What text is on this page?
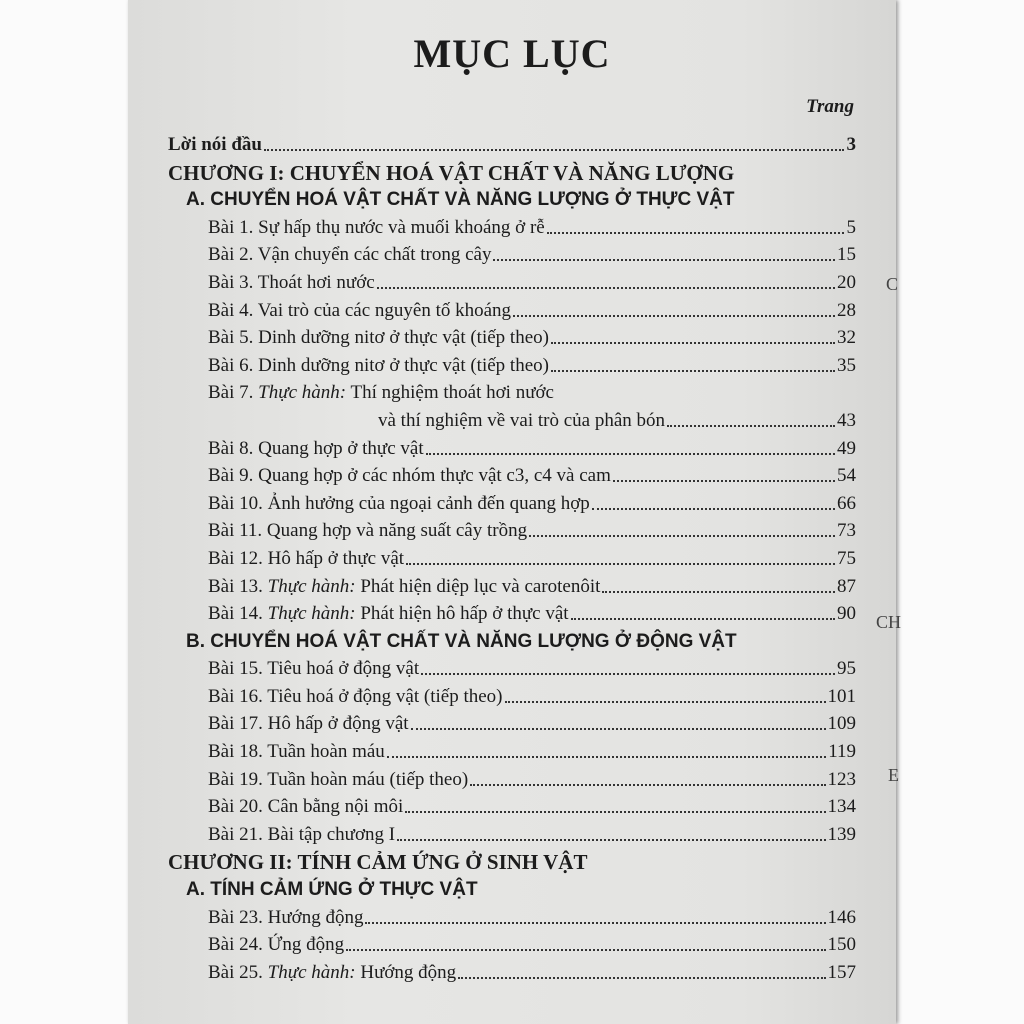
MỤC LỤC
Trang
Lời nói đầu	3
CHƯƠNG I: CHUYỂN HOÁ VẬT CHẤT VÀ NĂNG LƯỢNG
A. CHUYỂN HOÁ VẬT CHẤT VÀ NĂNG LƯỢNG Ở THỰC VẬT
Bài 1. Sự hấp thụ nước và muối khoáng ở rễ	5
Bài 2. Vận chuyển các chất trong cây	15
Bài 3. Thoát hơi nước	20
Bài 4. Vai trò của các nguyên tố khoáng	28
Bài 5. Dinh dưỡng nitơ ở thực vật (tiếp theo)	32
Bài 6. Dinh dưỡng nitơ ở thực vật (tiếp theo)	35
Bài 7. Thực hành: Thí nghiệm thoát hơi nước
và thí nghiệm về vai trò của phân bón	43
Bài 8. Quang hợp ở thực vật	49
Bài 9. Quang hợp ở các nhóm thực vật c3, c4 và cam	54
Bài 10. Ảnh hưởng của ngoại cảnh đến quang hợp	66
Bài 11. Quang hợp và năng suất cây trồng	73
Bài 12. Hô hấp ở thực vật	75
Bài 13. Thực hành: Phát hiện diệp lục và carotenôit	87
Bài 14. Thực hành: Phát hiện hô hấp ở thực vật	90
B. CHUYỂN HOÁ VẬT CHẤT VÀ NĂNG LƯỢNG Ở ĐỘNG VẬT
Bài 15. Tiêu hoá ở động vật	95
Bài 16. Tiêu hoá ở động vật (tiếp theo)	101
Bài 17. Hô hấp ở động vật	109
Bài 18. Tuần hoàn máu	119
Bài 19. Tuần hoàn máu (tiếp theo)	123
Bài 20. Cân bằng nội môi	134
Bài 21. Bài tập chương I	139
CHƯƠNG II: TÍNH CẢM ỨNG Ở SINH VẬT
A. TÍNH CẢM ỨNG Ở THỰC VẬT
Bài 23. Hướng động	146
Bài 24. Ứng động	150
Bài 25. Thực hành: Hướng động	157
C
CH
E
